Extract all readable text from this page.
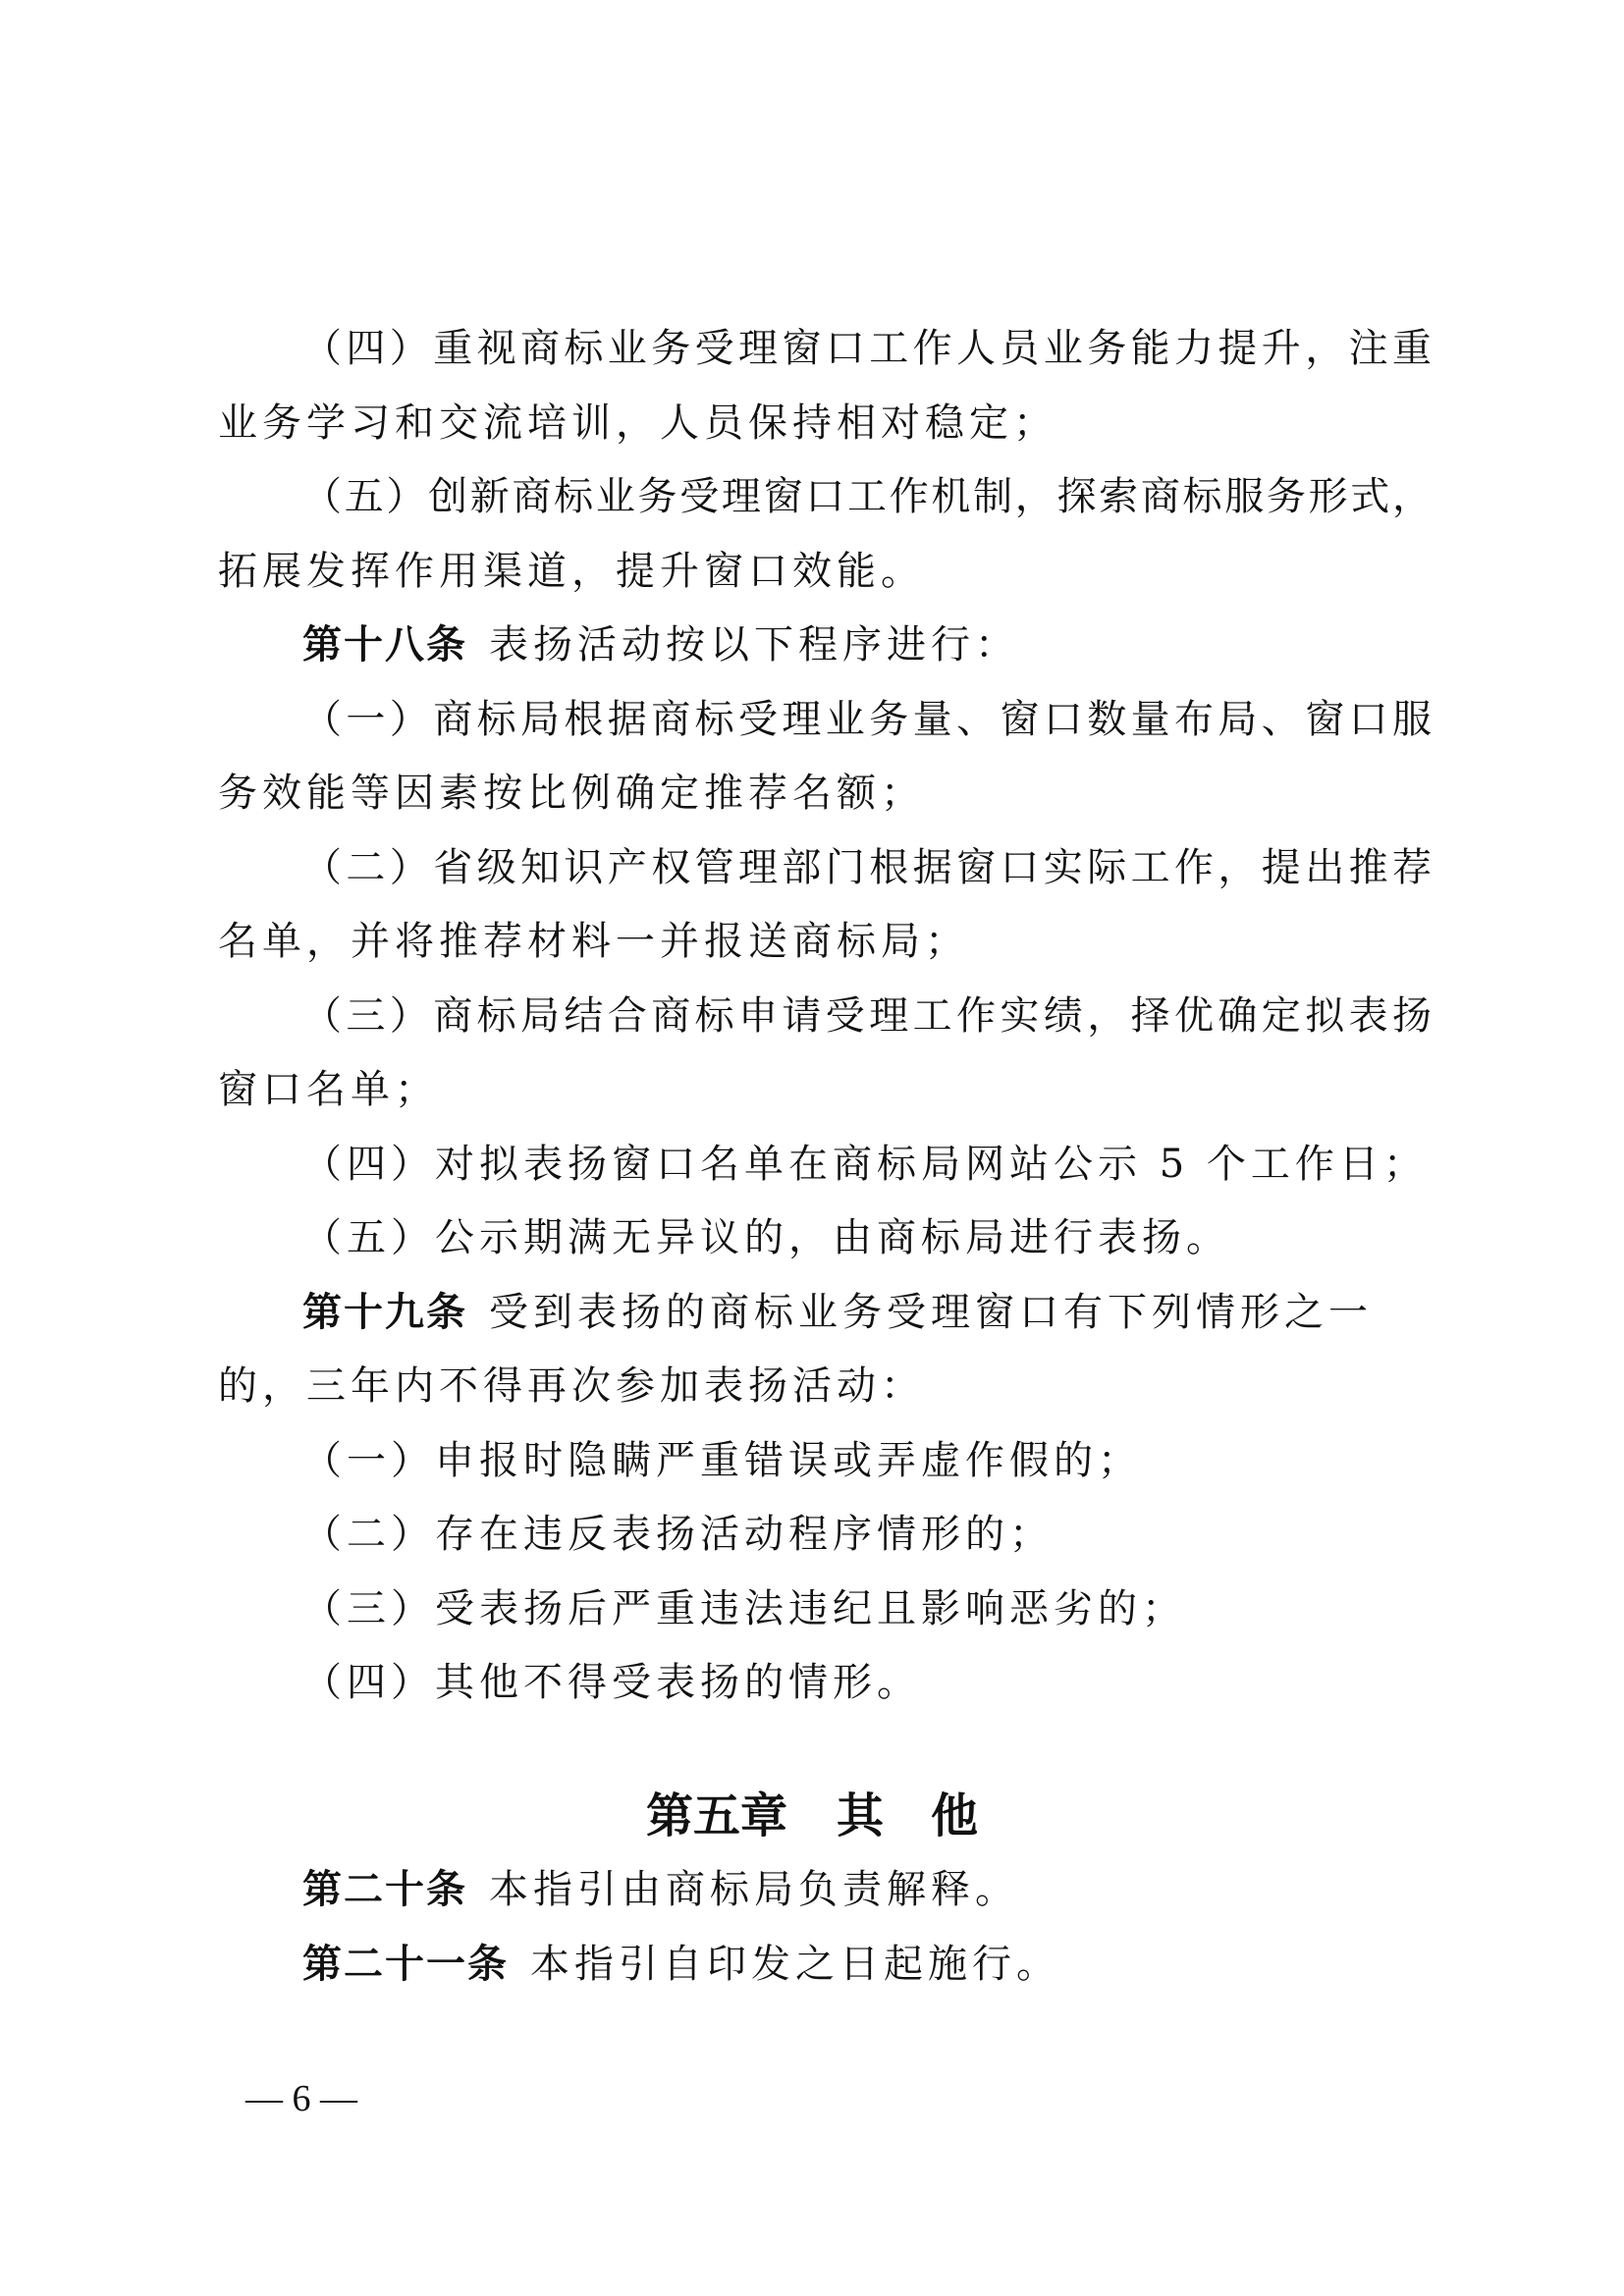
（四）重视商标业务受理窗口工作人员业务能力提升，注重
业务学习和交流培训，人员保持相对稳定；
（五）创新商标业务受理窗口工作机制，探索商标服务形式，
拓展发挥作用渠道，提升窗口效能。
第十八条 表扬活动按以下程序进行：
（一）商标局根据商标受理业务量、窗口数量布局、窗口服
务效能等因素按比例确定推荐名额；
（二）省级知识产权管理部门根据窗口实际工作，提出推荐
名单，并将推荐材料一并报送商标局；
（三）商标局结合商标申请受理工作实绩，择优确定拟表扬
窗口名单；
（四）对拟表扬窗口名单在商标局网站公示 5 个工作日；
（五）公示期满无异议的，由商标局进行表扬。
第十九条 受到表扬的商标业务受理窗口有下列情形之一
的，三年内不得再次参加表扬活动：
（一）申报时隐瞒严重错误或弄虚作假的；
（二）存在违反表扬活动程序情形的；
（三）受表扬后严重违法违纪且影响恶劣的；
（四）其他不得受表扬的情形。
第五章 其　他
第二十条 本指引由商标局负责解释。
第二十一条 本指引自印发之日起施行。
— 6 —
